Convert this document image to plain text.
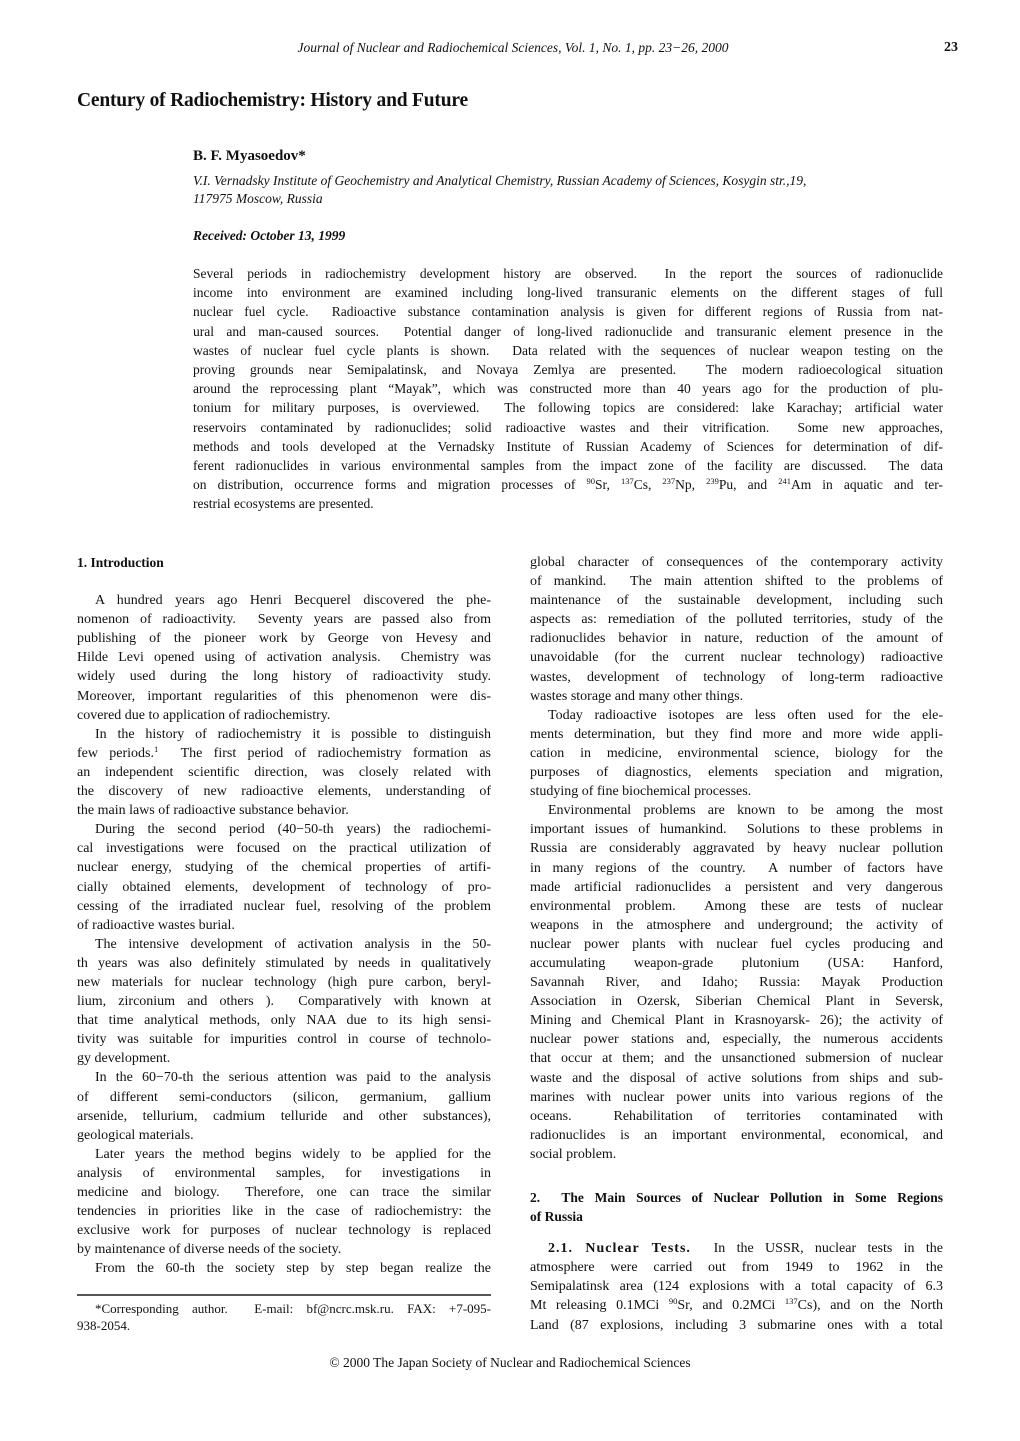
Journal of Nuclear and Radiochemical Sciences, Vol. 1, No. 1, pp. 23−26, 2000	23
Century of Radiochemistry: History and Future
B. F. Myasoedov*
V.I. Vernadsky Institute of Geochemistry and Analytical Chemistry, Russian Academy of Sciences, Kosygin str.,19,
117975 Moscow, Russia
Received: October 13, 1999
Several periods in radiochemistry development history are observed.  In the report the sources of radionuclide
income into environment are examined including long-lived transuranic elements on the different stages of full
nuclear fuel cycle.  Radioactive substance contamination analysis is given for different regions of Russia from nat-
ural and man-caused sources.  Potential danger of long-lived radionuclide and transuranic element presence in the
wastes of nuclear fuel cycle plants is shown.  Data related with the sequences of nuclear weapon testing on the
proving grounds near Semipalatinsk, and Novaya Zemlya are presented.  The modern radioecological situation
around the reprocessing plant “Mayak”, which was constructed more than 40 years ago for the production of plu-
tonium for military purposes, is overviewed.  The following topics are considered: lake Karachay; artificial water
reservoirs contaminated by radionuclides; solid radioactive wastes and their vitrification.  Some new approaches,
methods and tools developed at the Vernadsky Institute of Russian Academy of Sciences for determination of dif-
ferent radionuclides in various environmental samples from the impact zone of the facility are discussed.  The data
on distribution, occurrence forms and migration processes of $^{90}$Sr, $^{137}$Cs, $^{237}$Np, $^{239}$Pu, and $^{241}$Am in aquatic and ter-
restrial ecosystems are presented.
1. Introduction
A hundred years ago Henri Becquerel discovered the phe-
nomenon of radioactivity.  Seventy years are passed also from
publishing of the pioneer work by George von Hevesy and
Hilde Levi opened using of activation analysis.  Chemistry was
widely used during the long history of radioactivity study.
Moreover, important regularities of this phenomenon were dis-
covered due to application of radiochemistry.
In the history of radiochemistry it is possible to distinguish
few periods.$^1$  The first period of radiochemistry formation as
an independent scientific direction, was closely related with
the discovery of new radioactive elements, understanding of
the main laws of radioactive substance behavior.
During the second period (40−50-th years) the radiochemi-
cal investigations were focused on the practical utilization of
nuclear energy, studying of the chemical properties of artifi-
cially obtained elements, development of technology of pro-
cessing of the irradiated nuclear fuel, resolving of the problem
of radioactive wastes burial.
The intensive development of activation analysis in the 50-
th years was also definitely stimulated by needs in qualitatively
new materials for nuclear technology (high pure carbon, beryl-
lium, zirconium and others ).  Comparatively with known at
that time analytical methods, only NAA due to its high sensi-
tivity was suitable for impurities control in course of technolo-
gy development.
In the 60−70-th the serious attention was paid to the analysis
of different semi-conductors (silicon, germanium, gallium
arsenide, tellurium, cadmium telluride and other substances),
geological materials.
Later years the method begins widely to be applied for the
analysis of environmental samples, for investigations in
medicine and biology.  Therefore, one can trace the similar
tendencies in priorities like in the case of radiochemistry: the
exclusive work for purposes of nuclear technology is replaced
by maintenance of diverse needs of the society.
From the 60-th the society step by step began realize the
*Corresponding author.  E-mail: bf@ncrc.msk.ru. FAX: +7-095-
938-2054.
global character of consequences of the contemporary activity
of mankind.  The main attention shifted to the problems of
maintenance of the sustainable development, including such
aspects as: remediation of the polluted territories, study of the
radionuclides behavior in nature, reduction of the amount of
unavoidable (for the current nuclear technology) radioactive
wastes, development of technology of long-term radioactive
wastes storage and many other things.
Today radioactive isotopes are less often used for the ele-
ments determination, but they find more and more wide appli-
cation in medicine, environmental science, biology for the
purposes of diagnostics, elements speciation and migration,
studying of fine biochemical processes.
Environmental problems are known to be among the most
important issues of humankind.  Solutions to these problems in
Russia are considerably aggravated by heavy nuclear pollution
in many regions of the country.  A number of factors have
made artificial radionuclides a persistent and very dangerous
environmental problem.  Among these are tests of nuclear
weapons in the atmosphere and underground; the activity of
nuclear power plants with nuclear fuel cycles producing and
accumulating weapon-grade plutonium (USA: Hanford,
Savannah River, and Idaho; Russia: Mayak Production
Association in Ozersk, Siberian Chemical Plant in Seversk,
Mining and Chemical Plant in Krasnoyarsk- 26); the activity of
nuclear power stations and, especially, the numerous accidents
that occur at them; and the unsanctioned submersion of nuclear
waste and the disposal of active solutions from ships and sub-
marines with nuclear power units into various regions of the
oceans.  Rehabilitation of territories contaminated with
radionuclides is an important environmental, economical, and
social problem.
2.  The Main Sources of Nuclear Pollution in Some Regions
of Russia
2.1. Nuclear Tests.  In the USSR, nuclear tests in the
atmosphere were carried out from 1949 to 1962 in the
Semipalatinsk area (124 explosions with a total capacity of 6.3
Mt releasing 0.1MCi $^{90}$Sr, and 0.2MCi $^{137}$Cs), and on the North
Land (87 explosions, including 3 submarine ones with a total
© 2000 The Japan Society of Nuclear and Radiochemical Sciences
